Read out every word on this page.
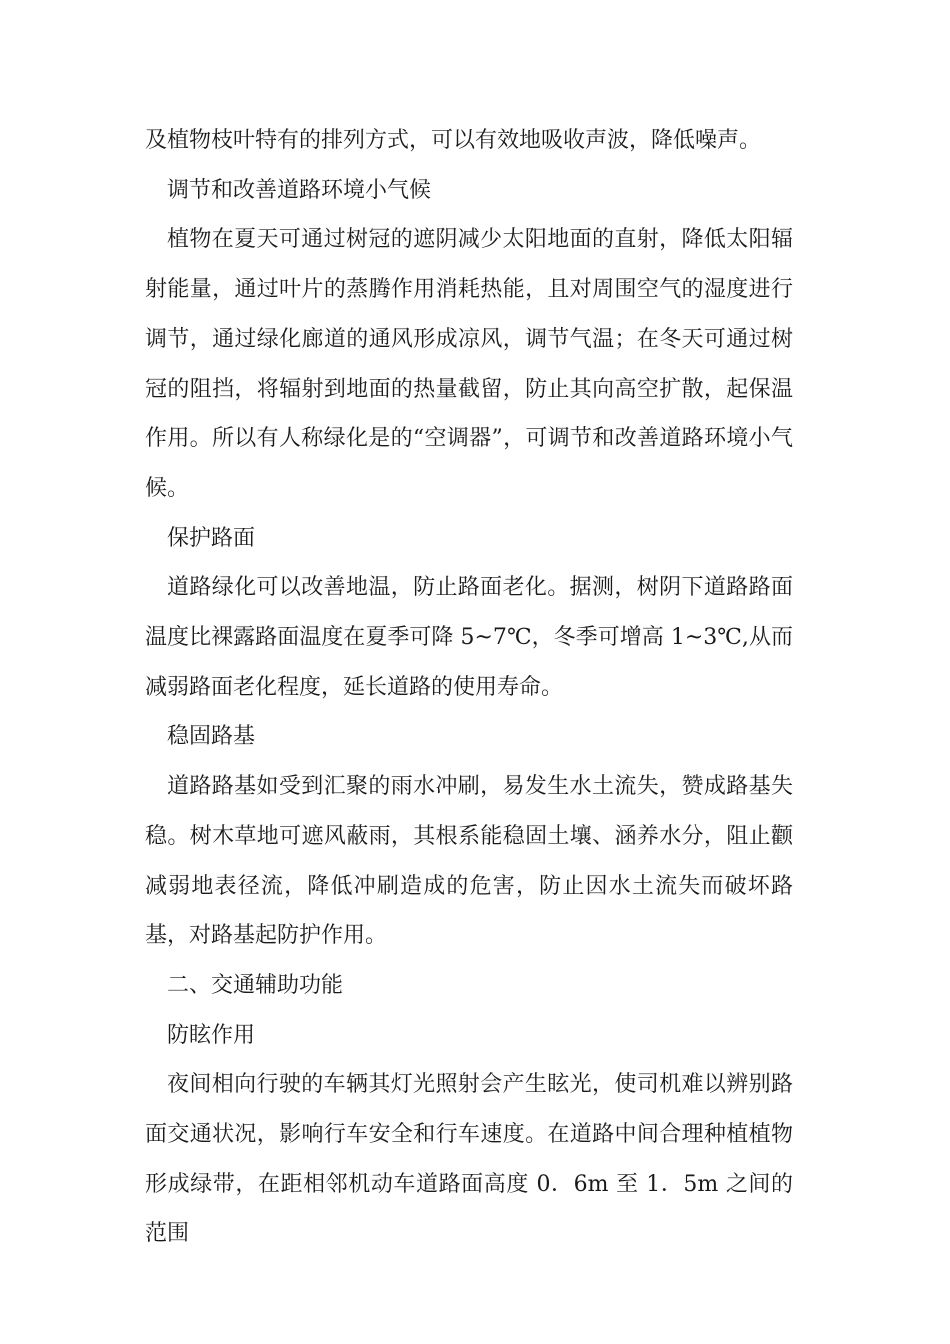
及植物枝叶特有的排列方式，可以有效地吸收声波，降低噪声。

调节和改善道路环境小气候

植物在夏天可通过树冠的遮阴减少太阳地面的直射，降低太阳辐射能量，通过叶片的蒸腾作用消耗热能，且对周围空气的湿度进行调节，通过绿化廊道的通风形成凉风，调节气温；在冬天可通过树冠的阻挡，将辐射到地面的热量截留，防止其向高空扩散，起保温作用。所以有人称绿化是的“空调器”，可调节和改善道路环境小气候。

保护路面

道路绿化可以改善地温，防止路面老化。据测，树阴下道路路面温度比裸露路面温度在夏季可降 5~7℃，冬季可增高 1~3℃,从而减弱路面老化程度，延长道路的使用寿命。

稳固路基

道路路基如受到汇聚的雨水冲刷，易发生水土流失，赞成路基失稳。树木草地可遮风蔽雨，其根系能稳固土壤、涵养水分，阻止颧减弱地表径流，降低冲刷造成的危害，防止因水土流失而破坏路基，对路基起防护作用。

二、交通辅助功能

防眩作用

夜间相向行驶的车辆其灯光照射会产生眩光，使司机难以辨别路面交通状况，影响行车安全和行车速度。在道路中间合理种植植物形成绿带，在距相邻机动车道路面高度 0．6m 至 1．5m 之间的范围
